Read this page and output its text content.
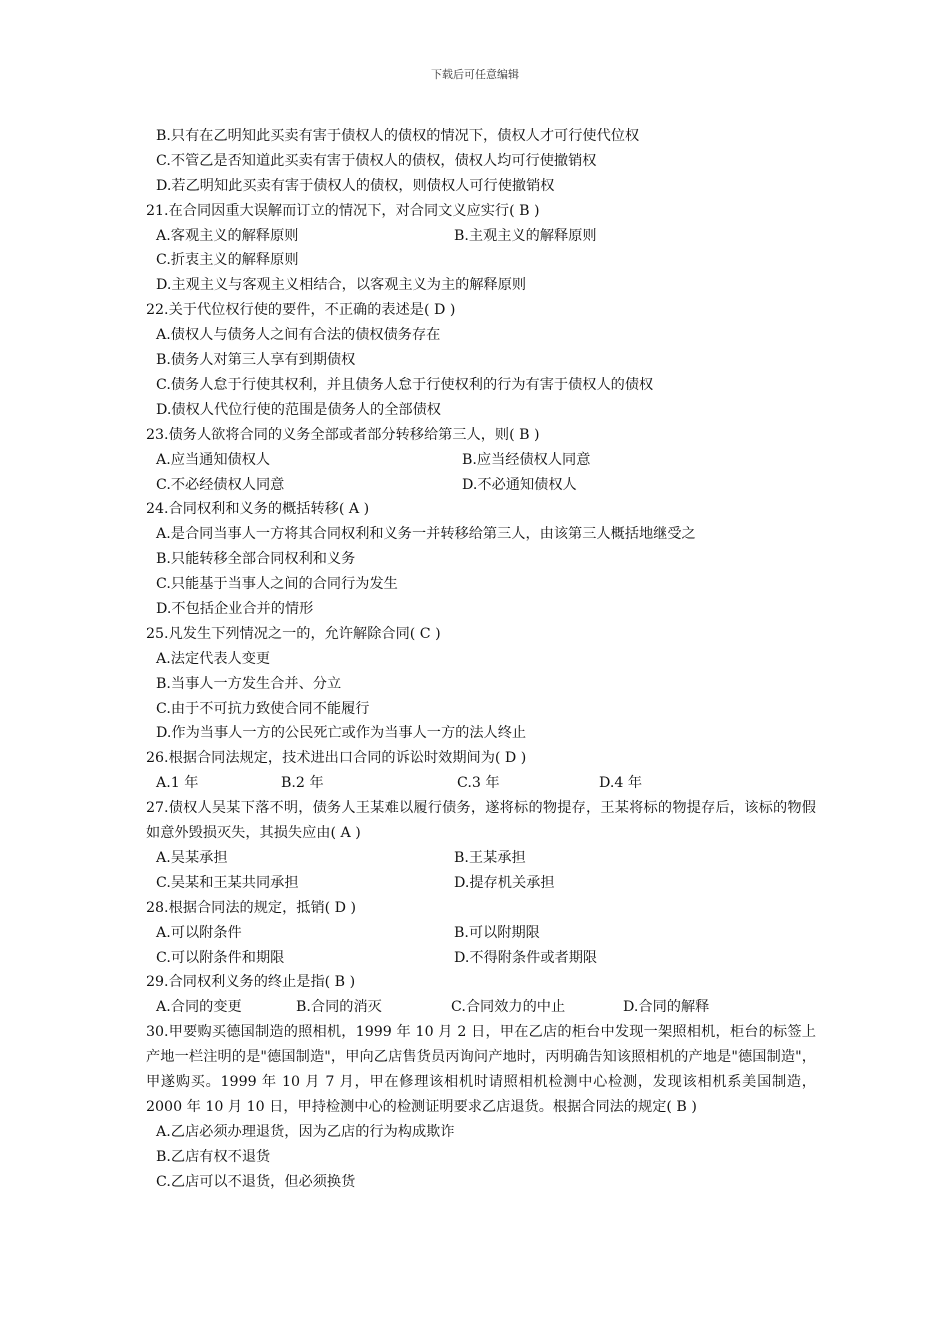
下载后可任意编辑
B.只有在乙明知此买卖有害于债权人的债权的情况下，债权人才可行使代位权
C.不管乙是否知道此买卖有害于债权人的债权，债权人均可行使撤销权
D.若乙明知此买卖有害于债权人的债权，则债权人可行使撤销权
21.在合同因重大误解而订立的情况下，对合同文义应实行( B )
A.客观主义的解释原则	B.主观主义的解释原则
C.折衷主义的解释原则
D.主观主义与客观主义相结合，以客观主义为主的解释原则
22.关于代位权行使的要件，不正确的表述是( D )
A.债权人与债务人之间有合法的债权债务存在
B.债务人对第三人享有到期债权
C.债务人怠于行使其权利，并且债务人怠于行使权利的行为有害于债权人的债权
D.债权人代位行使的范围是债务人的全部债权
23.债务人欲将合同的义务全部或者部分转移给第三人，则( B )
A.应当通知债权人	B.应当经债权人同意
C.不必经债权人同意	D.不必通知债权人
24.合同权利和义务的概括转移( A )
A.是合同当事人一方将其合同权利和义务一并转移给第三人，由该第三人概括地继受之
B.只能转移全部合同权利和义务
C.只能基于当事人之间的合同行为发生
D.不包括企业合并的情形
25.凡发生下列情况之一的，允许解除合同( C )
A.法定代表人变更
B.当事人一方发生合并、分立
C.由于不可抗力致使合同不能履行
D.作为当事人一方的公民死亡或作为当事人一方的法人终止
26.根据合同法规定，技术进出口合同的诉讼时效期间为( D )
A.1 年	B.2 年	C.3 年	D.4 年
27.债权人吴某下落不明，债务人王某难以履行债务，遂将标的物提存，王某将标的物提存后，该标的物假如意外毁损灭失，其损失应由( A )
A.吴某承担	B.王某承担
C.吴某和王某共同承担	D.提存机关承担
28.根据合同法的规定，抵销( D )
A.可以附条件	B.可以附期限
C.可以附条件和期限	D.不得附条件或者期限
29.合同权利义务的终止是指( B )
A.合同的变更	B.合同的消灭	C.合同效力的中止	D.合同的解释
30.甲要购买德国制造的照相机，1999 年 10 月 2 日，甲在乙店的柜台中发现一架照相机，柜台的标签上产地一栏注明的是"德国制造"，甲向乙店售货员丙询问产地时，丙明确告知该照相机的产地是"德国制造"，甲遂购买。1999 年 10 月 7 月，甲在修理该相机时请照相机检测中心检测，发现该相机系美国制造，2000 年 10 月 10 日，甲持检测中心的检测证明要求乙店退货。根据合同法的规定( B )
A.乙店必须办理退货，因为乙店的行为构成欺诈
B.乙店有权不退货
C.乙店可以不退货，但必须换货
